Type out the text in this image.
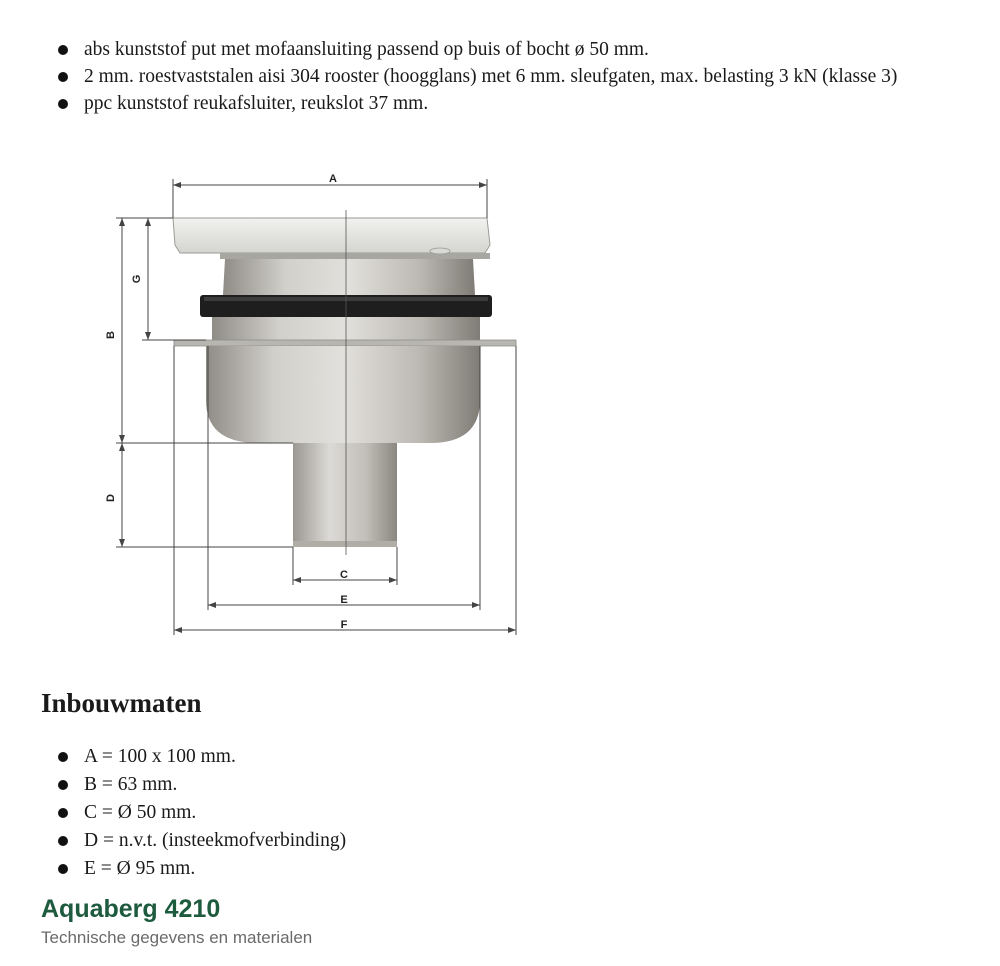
abs kunststof put met mofaansluiting passend op buis of bocht ø 50 mm.
2 mm. roestvaststalen aisi 304 rooster (hoogglans) met 6 mm. sleufgaten, max. belasting 3 kN (klasse 3)
ppc kunststof reukafsluiter, reukslot 37 mm.
A
B
G
D
C
E
F
Inbouwmaten
A = 100 x 100 mm.
B = 63 mm.
C = Ø 50 mm.
D = n.v.t. (insteekmofverbinding)
E = Ø 95 mm.
Aquaberg 4210
Technische gegevens en materialen
